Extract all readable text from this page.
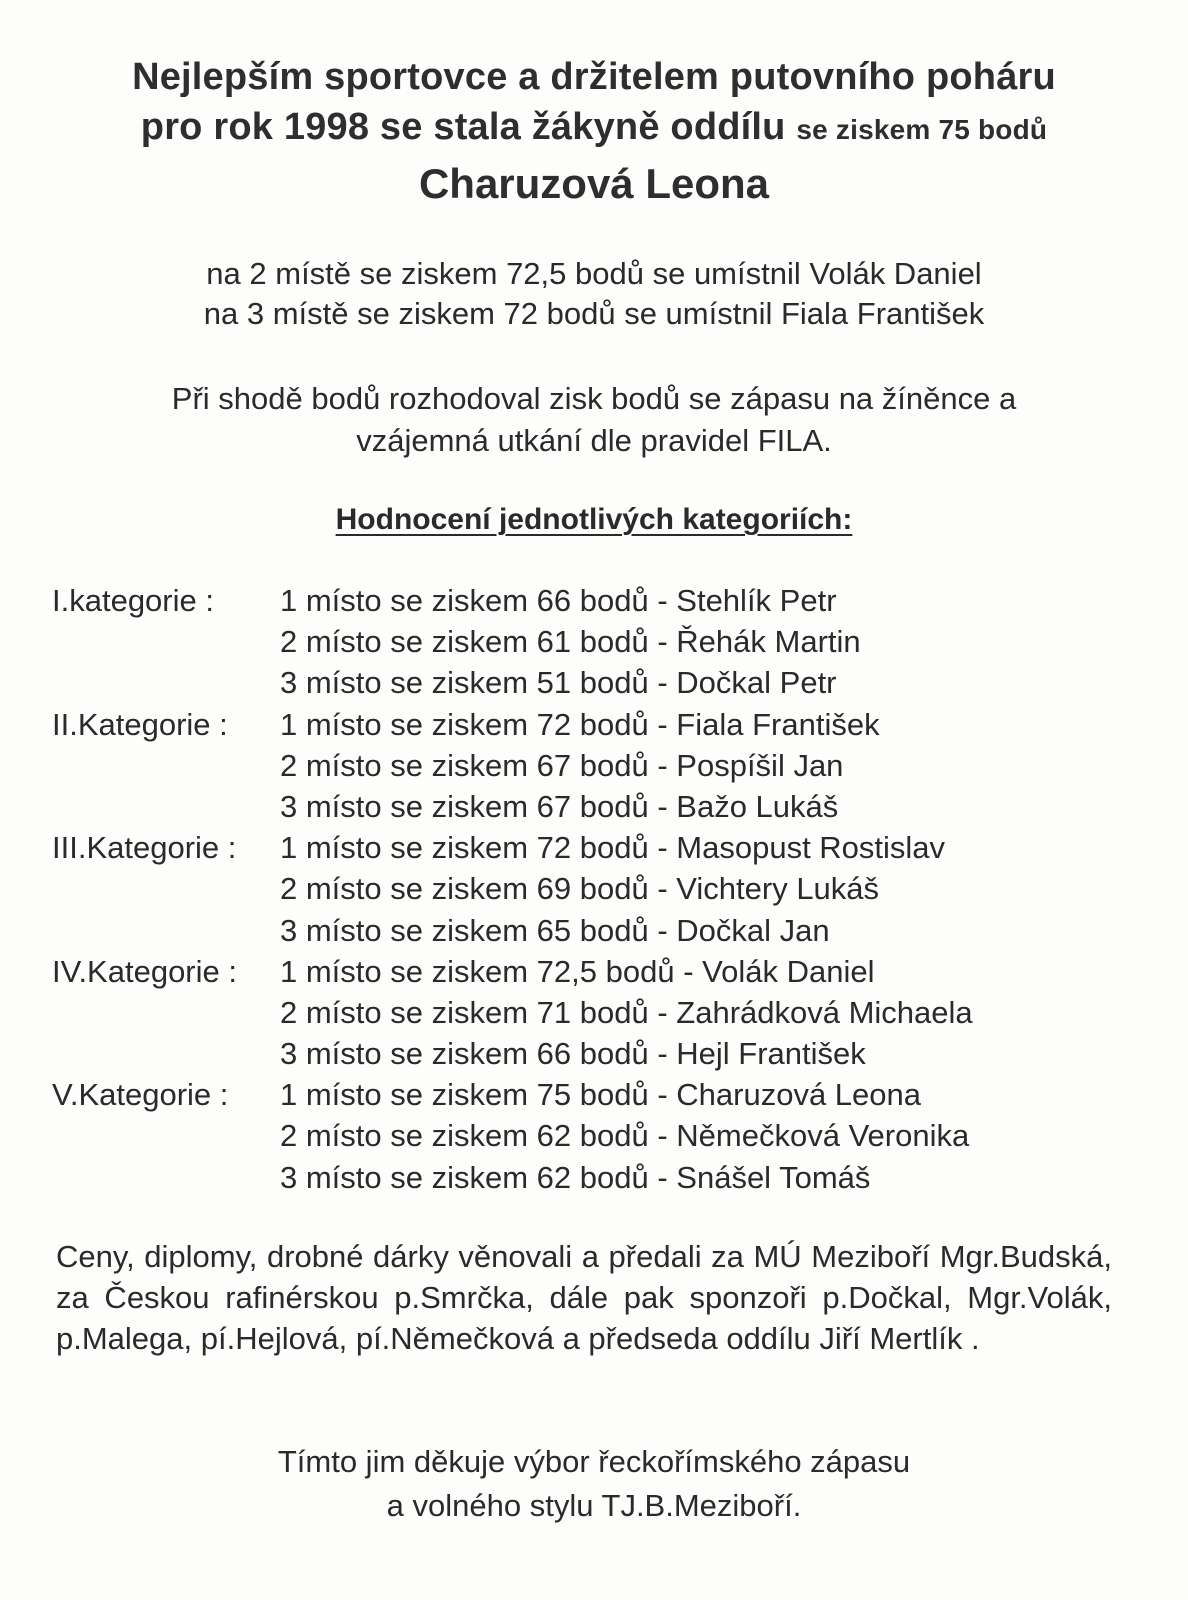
Nejlepším sportovce a držitelem putovního poháru
pro rok 1998 se stala žákyně oddílu se ziskem 75 bodů
Charuzová Leona
na 2 místě se ziskem 72,5 bodů se umístnil Volák Daniel
na 3 místě se ziskem 72 bodů se umístnil Fiala František
Při shodě bodů rozhodoval zisk bodů se zápasu na žíněnce a
vzájemná utkání dle pravidel FILA.
Hodnocení jednotlivých kategoriích:
I.kategorie : 1 místo se ziskem 66 bodů - Stehlík Petr
2 místo se ziskem 61 bodů - Řehák Martin
3 místo se ziskem 51 bodů - Dočkal Petr
II.Kategorie : 1 místo se ziskem 72 bodů - Fiala František
2 místo se ziskem 67 bodů - Pospíšil Jan
3 místo se ziskem 67 bodů - Bažo Lukáš
III.Kategorie : 1 místo se ziskem 72 bodů - Masopust Rostislav
2 místo se ziskem 69 bodů - Vichtery Lukáš
3 místo se ziskem 65 bodů - Dočkal Jan
IV.Kategorie : 1 místo se ziskem 72,5 bodů - Volák Daniel
2 místo se ziskem 71 bodů - Zahrádková Michaela
3 místo se ziskem 66 bodů - Hejl František
V.Kategorie : 1 místo se ziskem 75 bodů - Charuzová Leona
2 místo se ziskem 62 bodů - Němečková Veronika
3 místo se ziskem 62 bodů - Snášel Tomáš
Ceny, diplomy, drobné dárky věnovali a předali za MÚ Meziboří Mgr.Budská, za Českou rafinérskou p.Smrčka, dále pak sponzoři p.Dočkal, Mgr.Volák, p.Malega, pí.Hejlová, pí.Němečková a předseda oddílu Jiří Mertlík .
Tímto jim děkuje výbor řeckořímského zápasu
a volného stylu TJ.B.Meziboří.
